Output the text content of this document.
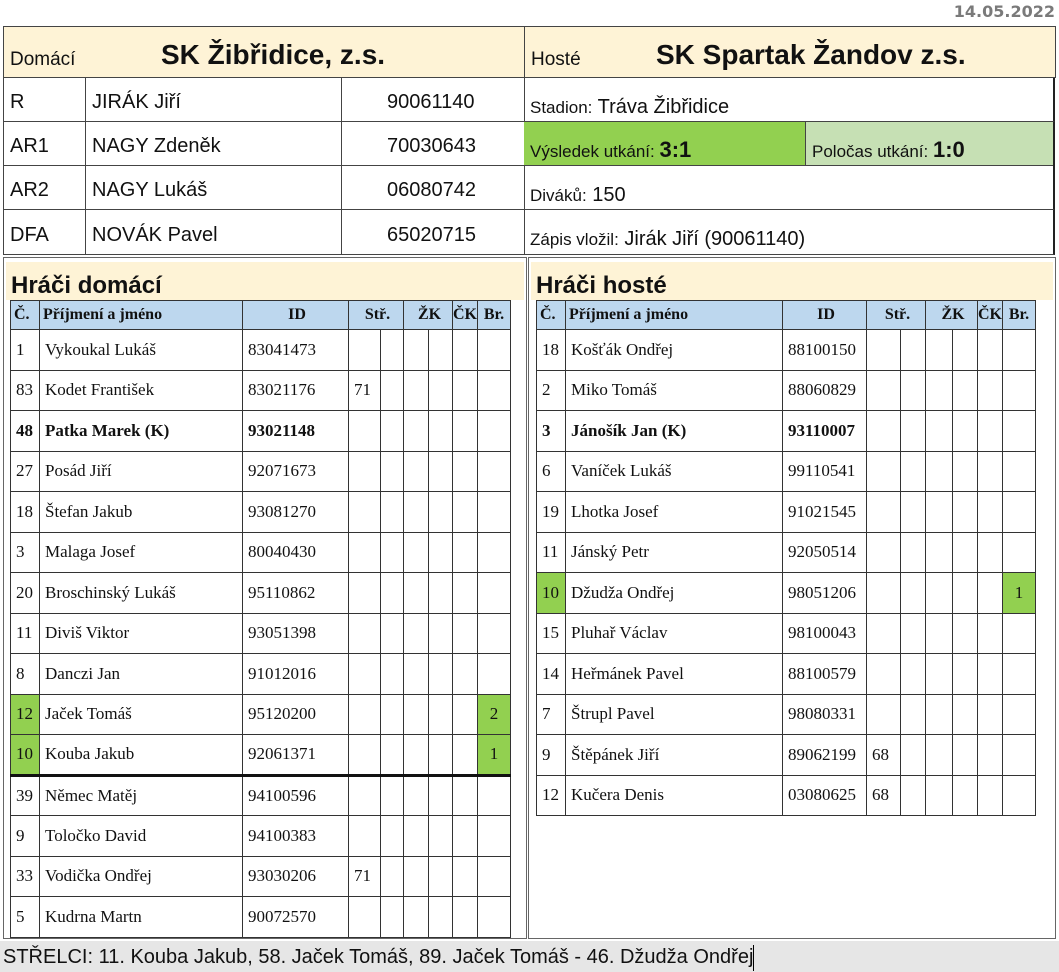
14.05.2022
Domácí	SK Žibřidice, z.s.	Hosté	SK Spartak Žandov z.s.
R	JIRÁK Jiří	90061140
AR1 NAGY Zdeněk	70030643
AR2 NAGY Lukáš	06080742
DFA NOVÁK Pavel	65020715
Stadion: Tráva Žibřidice
Výsledek utkání: 3:1	Poločas utkání: 1:0
Diváků: 150
Zápis vložil: Jirák Jiří (90061140)
Hráči domácí
Č.	Příjmení a jméno	ID	Stř.		ŽK		ČK	Br.
1	Vykoukal Lukáš	83041473						
83	Kodet František	83021176	71					
48	Patka Marek (K)	93021148						
27	Posád Jiří	92071673						
18	Štefan Jakub	93081270						
3	Malaga Josef	80040430						
20	Broschinský Lukáš	95110862						
11	Diviš Viktor	93051398						
8	Danczi Jan	91012016						
12	Jaček Tomáš	95120200						2
10	Kouba Jakub	92061371						1
39	Němec Matěj	94100596						
9	Toločko David	94100383						
33	Vodička Ondřej	93030206	71					
5	Kudrna Martn	90072570						
Hráči hosté
Č.	Příjmení a jméno	ID	Stř.		ŽK		ČK	Br.
18	Košťák Ondřej	88100150						
2	Miko Tomáš	88060829						
3	Jánošík Jan (K)	93110007						
6	Vaníček Lukáš	99110541						
19	Lhotka Josef	91021545						
11	Jánský Petr	92050514						
10	Džudža Ondřej	98051206						1
15	Pluhař Václav	98100043						
14	Heřmánek Pavel	88100579						
7	Štrupl Pavel	98080331						
9	Štěpánek Jiří	89062199	68					
12	Kučera Denis	03080625	68					
STŘELCI: 11. Kouba Jakub, 58. Jaček Tomáš, 89. Jaček Tomáš - 46. Džudža Ondřej
